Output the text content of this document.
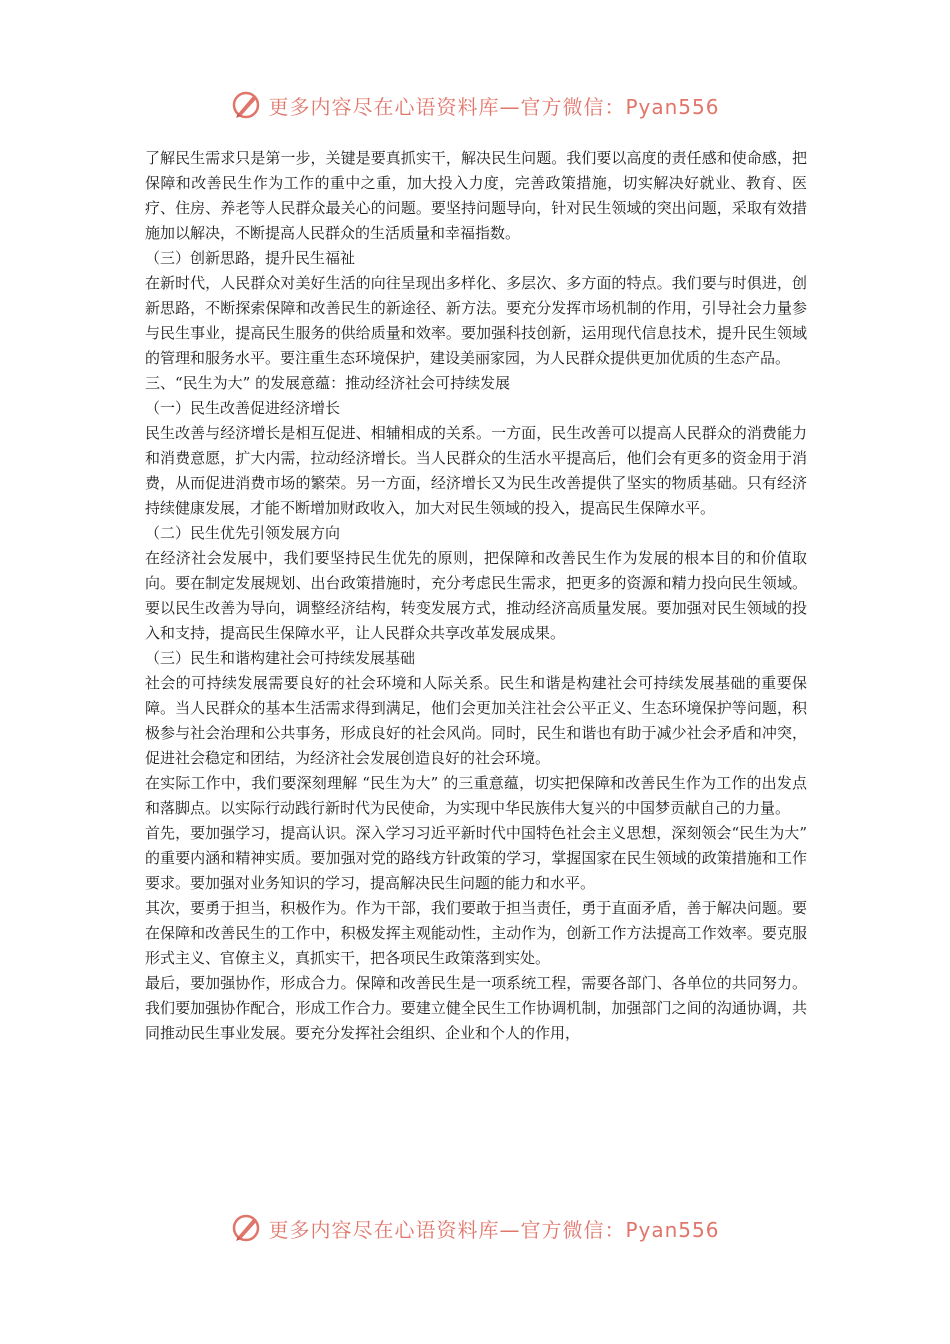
更多内容尽在心语资料库—官方微信：Pyan556

了解民生需求只是第一步，关键是要真抓实干，解决民生问题。我们要以高度的责任感和使命感，把保障和改善民生作为工作的重中之重，加大投入力度，完善政策措施，切实解决好就业、教育、医疗、住房、养老等人民群众最关心的问题。要坚持问题导向，针对民生领域的突出问题，采取有效措施加以解决，不断提高人民群众的生活质量和幸福指数。

（三）创新思路，提升民生福祉

在新时代，人民群众对美好生活的向往呈现出多样化、多层次、多方面的特点。我们要与时俱进，创新思路，不断探索保障和改善民生的新途径、新方法。要充分发挥市场机制的作用，引导社会力量参与民生事业，提高民生服务的供给质量和效率。要加强科技创新，运用现代信息技术，提升民生领域的管理和服务水平。要注重生态环境保护，建设美丽家园，为人民群众提供更加优质的生态产品。

三、“民生为大” 的发展意蕴：推动经济社会可持续发展

（一）民生改善促进经济增长

民生改善与经济增长是相互促进、相辅相成的关系。一方面，民生改善可以提高人民群众的消费能力和消费意愿，扩大内需，拉动经济增长。当人民群众的生活水平提高后，他们会有更多的资金用于消费，从而促进消费市场的繁荣。另一方面，经济增长又为民生改善提供了坚实的物质基础。只有经济持续健康发展，才能不断增加财政收入，加大对民生领域的投入，提高民生保障水平。

（二）民生优先引领发展方向

在经济社会发展中，我们要坚持民生优先的原则，把保障和改善民生作为发展的根本目的和价值取向。要在制定发展规划、出台政策措施时，充分考虑民生需求，把更多的资源和精力投向民生领域。要以民生改善为导向，调整经济结构，转变发展方式，推动经济高质量发展。要加强对民生领域的投入和支持，提高民生保障水平，让人民群众共享改革发展成果。

（三）民生和谐构建社会可持续发展基础

社会的可持续发展需要良好的社会环境和人际关系。民生和谐是构建社会可持续发展基础的重要保障。当人民群众的基本生活需求得到满足，他们会更加关注社会公平正义、生态环境保护等问题，积极参与社会治理和公共事务，形成良好的社会风尚。同时，民生和谐也有助于减少社会矛盾和冲突，促进社会稳定和团结，为经济社会发展创造良好的社会环境。

在实际工作中，我们要深刻理解 “民生为大” 的三重意蕴，切实把保障和改善民生作为工作的出发点和落脚点。以实际行动践行新时代为民使命，为实现中华民族伟大复兴的中国梦贡献自己的力量。

首先，要加强学习，提高认识。深入学习习近平新时代中国特色社会主义思想，深刻领会“民生为大” 的重要内涵和精神实质。要加强对党的路线方针政策的学习，掌握国家在民生领域的政策措施和工作要求。要加强对业务知识的学习，提高解决民生问题的能力和水平。

其次，要勇于担当，积极作为。作为干部，我们要敢于担当责任，勇于直面矛盾，善于解决问题。要在保障和改善民生的工作中，积极发挥主观能动性，主动作为，创新工作方法提高工作效率。要克服形式主义、官僚主义，真抓实干，把各项民生政策落到实处。

最后，要加强协作，形成合力。保障和改善民生是一项系统工程，需要各部门、各单位的共同努力。我们要加强协作配合，形成工作合力。要建立健全民生工作协调机制，加强部门之间的沟通协调，共同推动民生事业发展。要充分发挥社会组织、企业和个人的作用，

更多内容尽在心语资料库—官方微信：Pyan556
